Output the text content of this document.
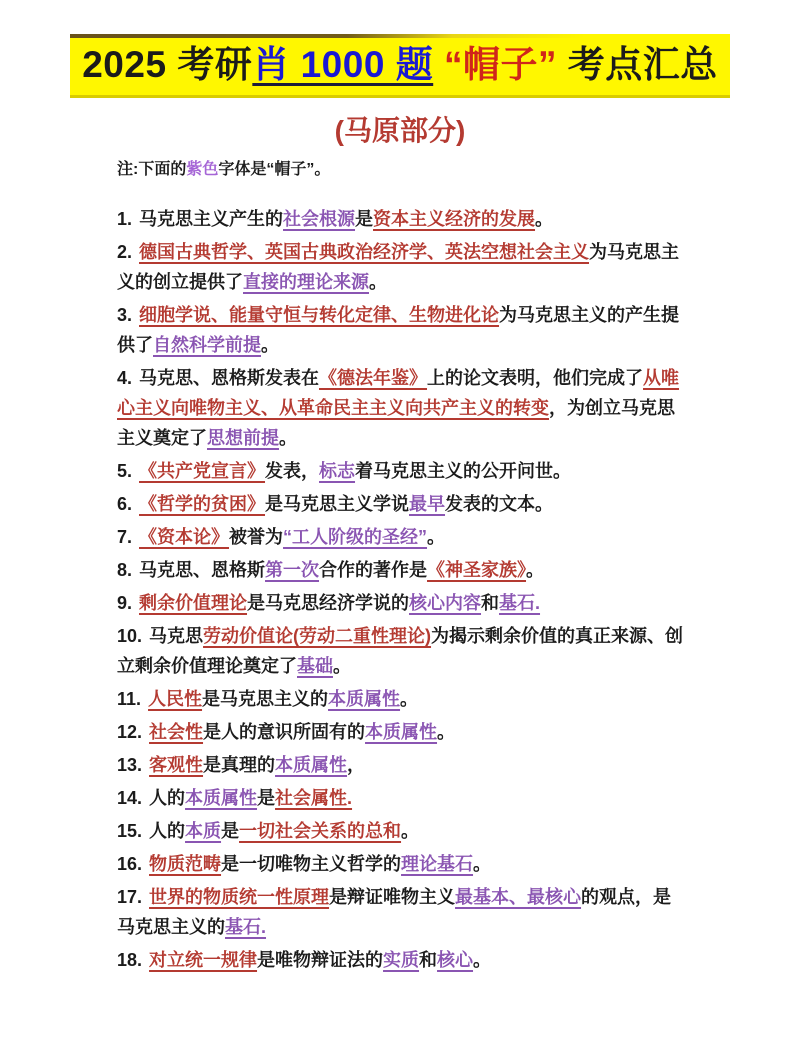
2025 考研肖 1000 题 “帽子” 考点汇总
(马原部分)

注:下面的紫色字体是“帽子”。

1. 马克思主义产生的社会根源是资本主义经济的发展。

2. 德国古典哲学、英国古典政治经济学、英法空想社会主义为马克思主义的创立提供了直接的理论来源。

3. 细胞学说、能量守恒与转化定律、生物进化论为马克思主义的产生提供了自然科学前提。

4. 马克思、恩格斯发表在《德法年鉴》上的论文表明，他们完成了从唯心主义向唯物主义、从革命民主主义向共产主义的转变，为创立马克思主义奠定了思想前提。

5. 《共产党宣言》发表，标志着马克思主义的公开问世。

6. 《哲学的贫困》是马克思主义学说最早发表的文本。

7. 《资本论》被誉为“工人阶级的圣经”。

8. 马克思、恩格斯第一次合作的著作是《神圣家族》。

9. 剩余价值理论是马克思经济学说的核心内容和基石.

10. 马克思劳动价值论(劳动二重性理论)为揭示剩余价值的真正来源、创立剩余价值理论奠定了基础。

11. 人民性是马克思主义的本质属性。

12. 社会性是人的意识所固有的本质属性。

13. 客观性是真理的本质属性，

14. 人的本质属性是社会属性.

15. 人的本质是一切社会关系的总和。

16. 物质范畴是一切唯物主义哲学的理论基石。

17. 世界的物质统一性原理是辩证唯物主义最基本、最核心的观点，是马克思主义的基石.

18. 对立统一规律是唯物辩证法的实质和核心。
